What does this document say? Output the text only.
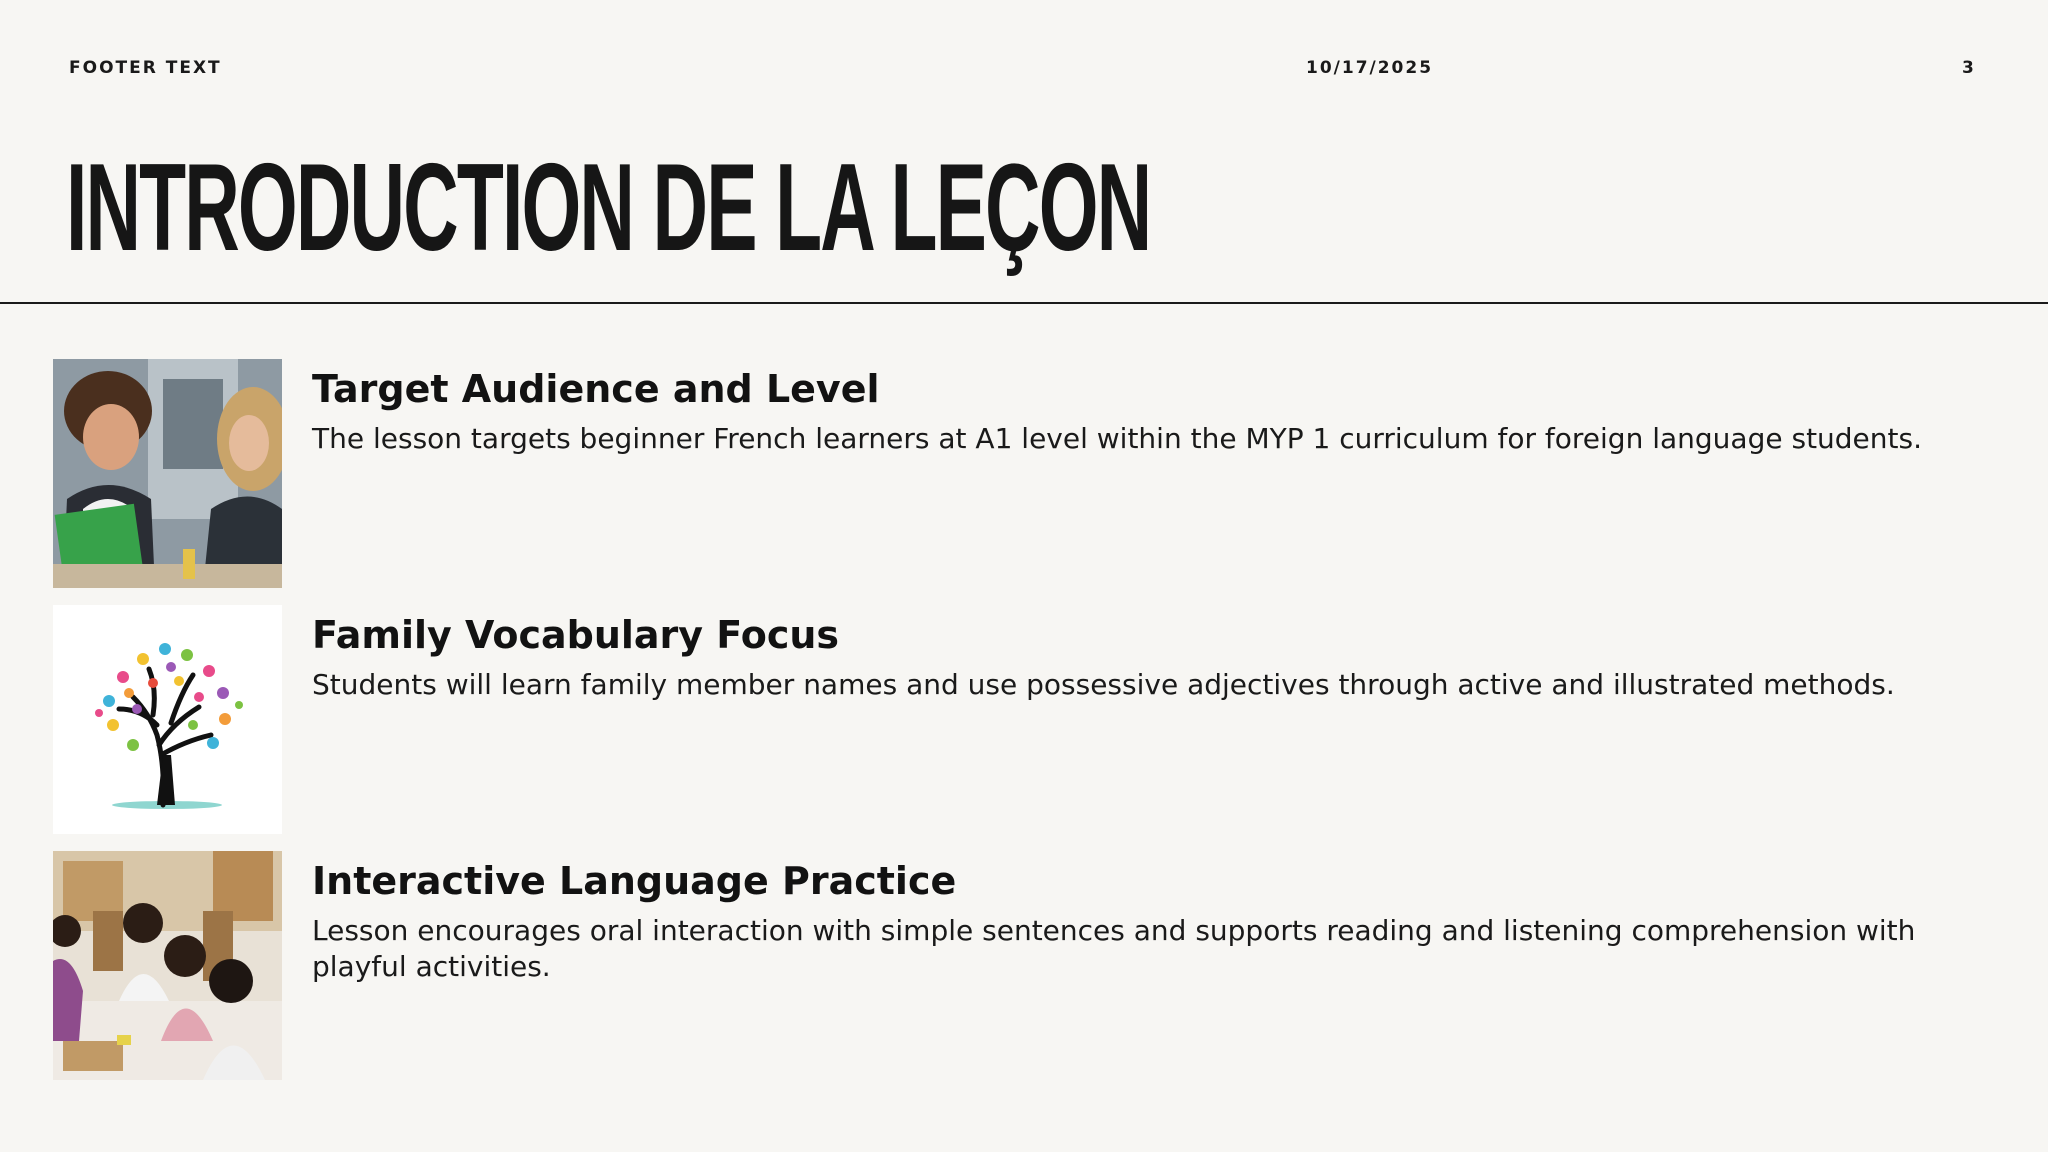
FOOTER TEXT	10/17/2025	3
INTRODUCTION DE LA LEÇON
Target Audience and Level

The lesson targets beginner French learners at A1 level within the MYP 1 curriculum for foreign language students.

Family Vocabulary Focus

Students will learn family member names and use possessive adjectives through active and illustrated methods.

Interactive Language Practice

Lesson encourages oral interaction with simple sentences and supports reading and listening comprehension with playful activities.
